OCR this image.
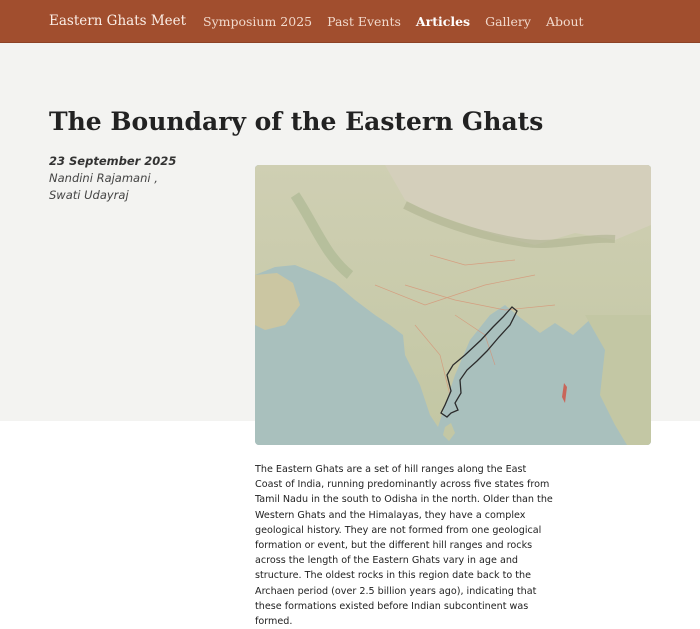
Eastern Ghats Meet	Symposium 2025 Past Events Articles Gallery About
The Boundary of the Eastern Ghats
23 September 2025
Nandini Rajamani ,
Swati Udayraj

The Eastern Ghats are a set of hill ranges along the East Coast of India, running predominantly across five states from Tamil Nadu in the south to Odisha in the north. Older than the Western Ghats and the Himalayas, they have a complex geological history. They are not formed from one geological formation or event, but the different hill ranges and rocks across the length of the Eastern Ghats vary in age and structure. The oldest rocks in this region date back to the Archaen period (over 2.5 billion years ago), indicating that these formations existed before Indian subcontinent was formed.
